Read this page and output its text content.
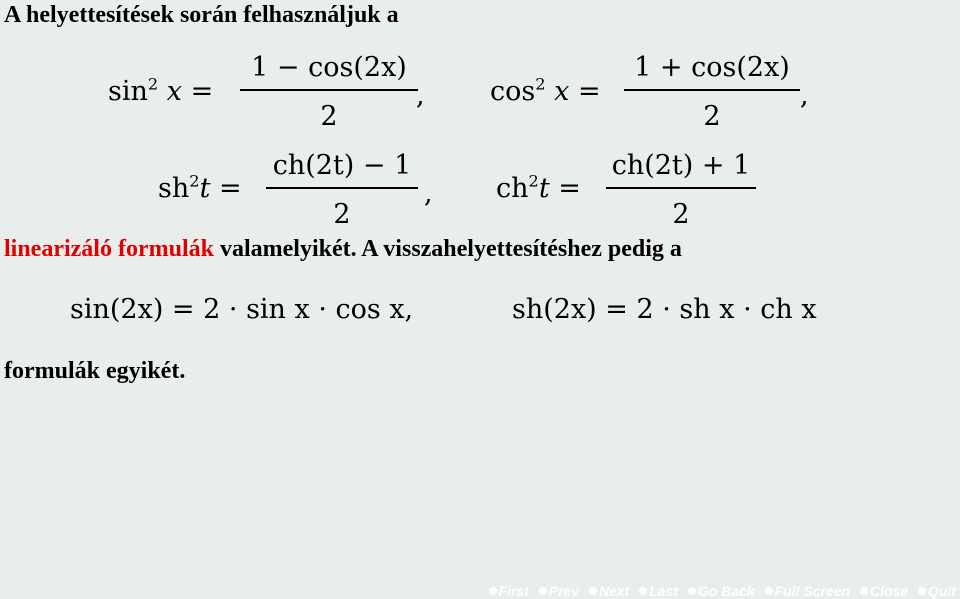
A helyettesítések során felhasználjuk a
$\sin^2 x$ =
1 − cos(2x)
2
, $\cos^2 x$ =
1 + cos(2x)
2
,
$sh^2t$ =
ch(2t) − 1
2
, $ch^2t$ =
ch(2t) + 1
2
linearizáló formulák valamelyikét. A visszahelyettesítéshez pedig a
sin(2x) = 2 · sin x · cos x,	sh(2x) = 2 · sh x · ch x
formulák egyikét.
First Prev Next Last Go Back Full Screen Close Quit
